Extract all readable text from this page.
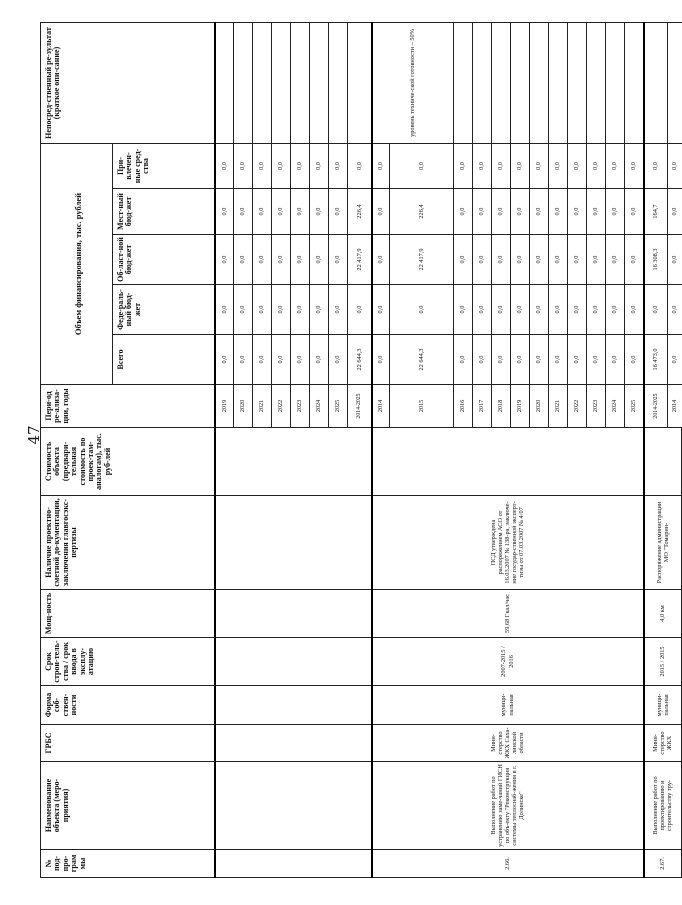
47
№ под-про-грам мы	Наименование объекта (меро-приятия)	ГРБС	Форма соб-ствен-ности	Срок строи-тель-ства / срок ввода в эксплу-атацию	Мощ-ность	Наличие проектно-сметной до-кументации, заключения главгосэкс-пертизы	Стоимость объекта (предвари-тельная стоимость по проек-там-аналогам), тыс. руб-лей	Пери-од ре-ализа-ции, годы	Объем финансирования, тыс. рублей					Непосред-ственный ре-зультат (краткое опи-сание)
									Всего	Феде-раль-ный бюд-жет	Об-ласт-ной бюд-жет	Мест-ный бюд-жет	При-влечен-ные сред-ства	
								2019	0,0	0,0	0,0	0,0	0,0	
								2020	0,0	0,0	0,0	0,0	0,0	
								2021	0,0	0,0	0,0	0,0	0,0	
								2022	0,0	0,0	0,0	0,0	0,0	
								2023	0,0	0,0	0,0	0,0	0,0	
								2024	0,0	0,0	0,0	0,0	0,0	
								2025	0,0	0,0	0,0	0,0	0,0	
								2014-2025	22 644,3	0,0	22 417,9	226,4	0,0	
2.66.	Выполнение работ по устранению заме-чаний ГИСН по объ-екту "Реконструкция системы теплоснаб-жения в г. Долинске"	Мини-стерство ЖКХ Саха-линской области	муници-пальная	2007-2015 / 2016	59,68 Гкал/час	ПСД утверждена распоряжением АСО от 16.03.2007 № 138-ра, заключе-ние государ-ственной эксперт-тизы от 07.03.2007 № 4/07		2014	0,0	0,0	0,0	0,0	0,0	уровень техниче-ской готовности – 50%
								2015	22 644,3	0,0	22 417,9	226,4	0,0	
								2016	0,0	0,0	0,0	0,0	0,0	
								2017	0,0	0,0	0,0	0,0	0,0	
								2018	0,0	0,0	0,0	0,0	0,0	
								2019	0,0	0,0	0,0	0,0	0,0	
								2020	0,0	0,0	0,0	0,0	0,0	
								2021	0,0	0,0	0,0	0,0	0,0	
								2022	0,0	0,0	0,0	0,0	0,0	
								2023	0,0	0,0	0,0	0,0	0,0	
								2024	0,0	0,0	0,0	0,0	0,0	
								2025	0,0	0,0	0,0	0,0	0,0	
2.67.	Выполнение работ по проектированию и строительству тру-	Мини-стерство ЖКХ	муници-пальная	2015 / 2015	4,0 км	Распоряжение администрации МО "Томарин-		2014-2025	16 473,0	0,0	16 308,3	164,7	0,0	
								2014	0,0	0,0	0,0	0,0	0,0	
